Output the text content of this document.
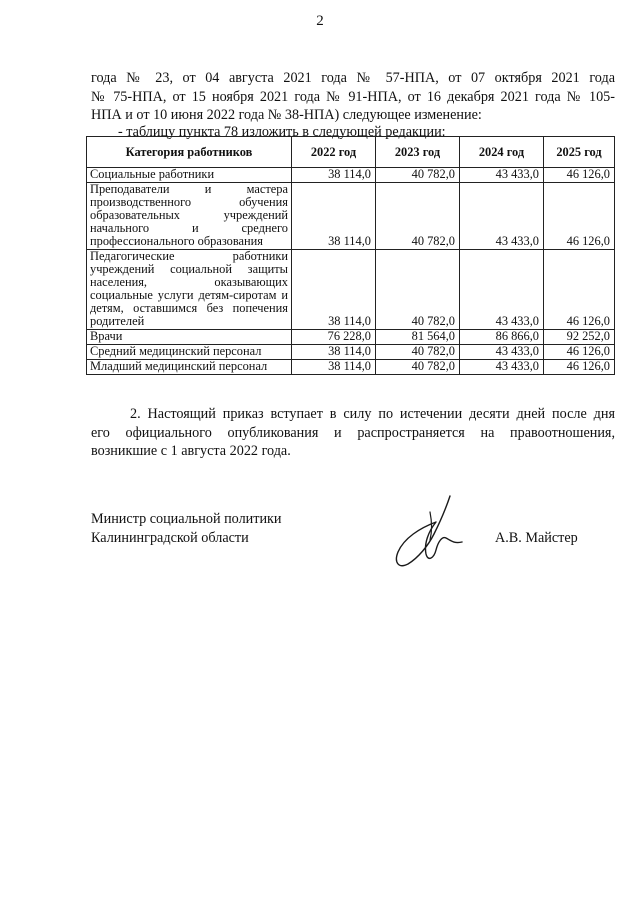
2
года № 23, от 04 августа 2021 года № 57-НПА, от 07 октября 2021 года
№ 75-НПА, от 15 ноября 2021 года № 91-НПА, от 16 декабря 2021 года № 105-
НПА и от 10 июня 2022 года № 38-НПА) следующее изменение:
- таблицу пункта 78 изложить в следующей редакции:
Категория работников	2022 год	2023 год	2024 год	2025 год
Социальные работники	38 114,0	40 782,0	43 433,0	46 126,0
Преподаватели и мастера производственного обучения образовательных учреждений начального и среднего профессионального образования	38 114,0	40 782,0	43 433,0	46 126,0
Педагогические работники учреждений социальной защиты населения, оказывающих социальные услуги детям-сиротам и детям, оставшимся без попечения родителей	38 114,0	40 782,0	43 433,0	46 126,0
Врачи	76 228,0	81 564,0	86 866,0	92 252,0
Средний медицинский персонал	38 114,0	40 782,0	43 433,0	46 126,0
Младший медицинский персонал	38 114,0	40 782,0	43 433,0	46 126,0
2. Настоящий приказ вступает в силу по истечении десяти дней после дня
его официального опубликования и распространяется на правоотношения,
возникшие с 1 августа 2022 года.
Министр социальной политики
Калининградской области	А.В. Майстер
